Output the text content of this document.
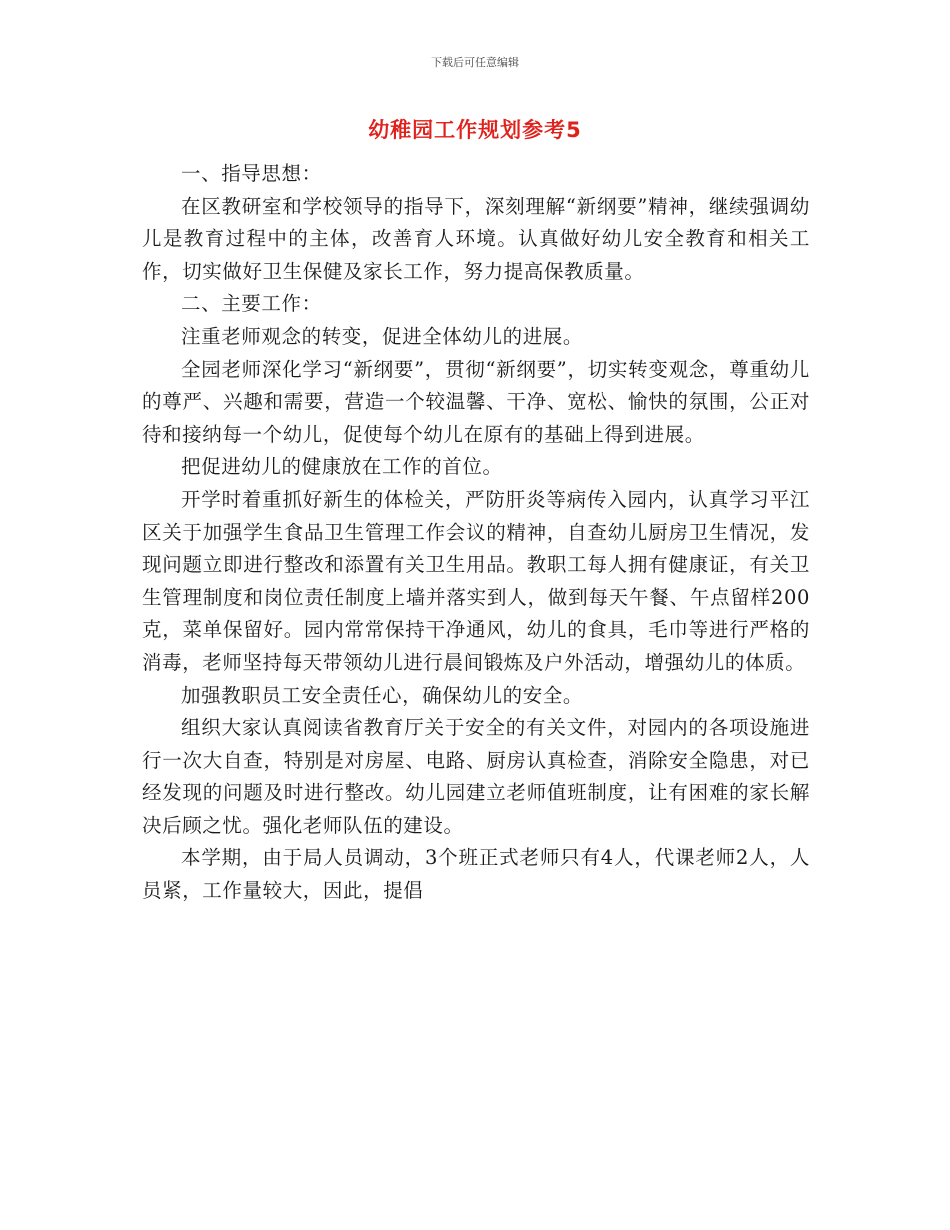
下载后可任意编辑
幼稚园工作规划参考5

一、指导思想：

在区教研室和学校领导的指导下，深刻理解“新纲要”精神，继续强调幼儿是教育过程中的主体，改善育人环境。认真做好幼儿安全教育和相关工作，切实做好卫生保健及家长工作，努力提高保教质量。

二、主要工作：

注重老师观念的转变，促进全体幼儿的进展。

全园老师深化学习“新纲要”，贯彻“新纲要”，切实转变观念，尊重幼儿的尊严、兴趣和需要，营造一个较温馨、干净、宽松、愉快的氛围，公正对待和接纳每一个幼儿，促使每个幼儿在原有的基础上得到进展。

把促进幼儿的健康放在工作的首位。

开学时着重抓好新生的体检关，严防肝炎等病传入园内，认真学习平江区关于加强学生食品卫生管理工作会议的精神，自查幼儿厨房卫生情况，发现问题立即进行整改和添置有关卫生用品。教职工每人拥有健康证，有关卫生管理制度和岗位责任制度上墙并落实到人，做到每天午餐、午点留样200克，菜单保留好。园内常常保持干净通风，幼儿的食具，毛巾等进行严格的消毒，老师坚持每天带领幼儿进行晨间锻炼及户外活动，增强幼儿的体质。

加强教职员工安全责任心，确保幼儿的安全。

组织大家认真阅读省教育厅关于安全的有关文件，对园内的各项设施进行一次大自查，特别是对房屋、电路、厨房认真检查，消除安全隐患，对已经发现的问题及时进行整改。幼儿园建立老师值班制度，让有困难的家长解决后顾之忧。强化老师队伍的建设。

本学期，由于局人员调动，3个班正式老师只有4人，代课老师2人，人员紧，工作量较大，因此，提倡
